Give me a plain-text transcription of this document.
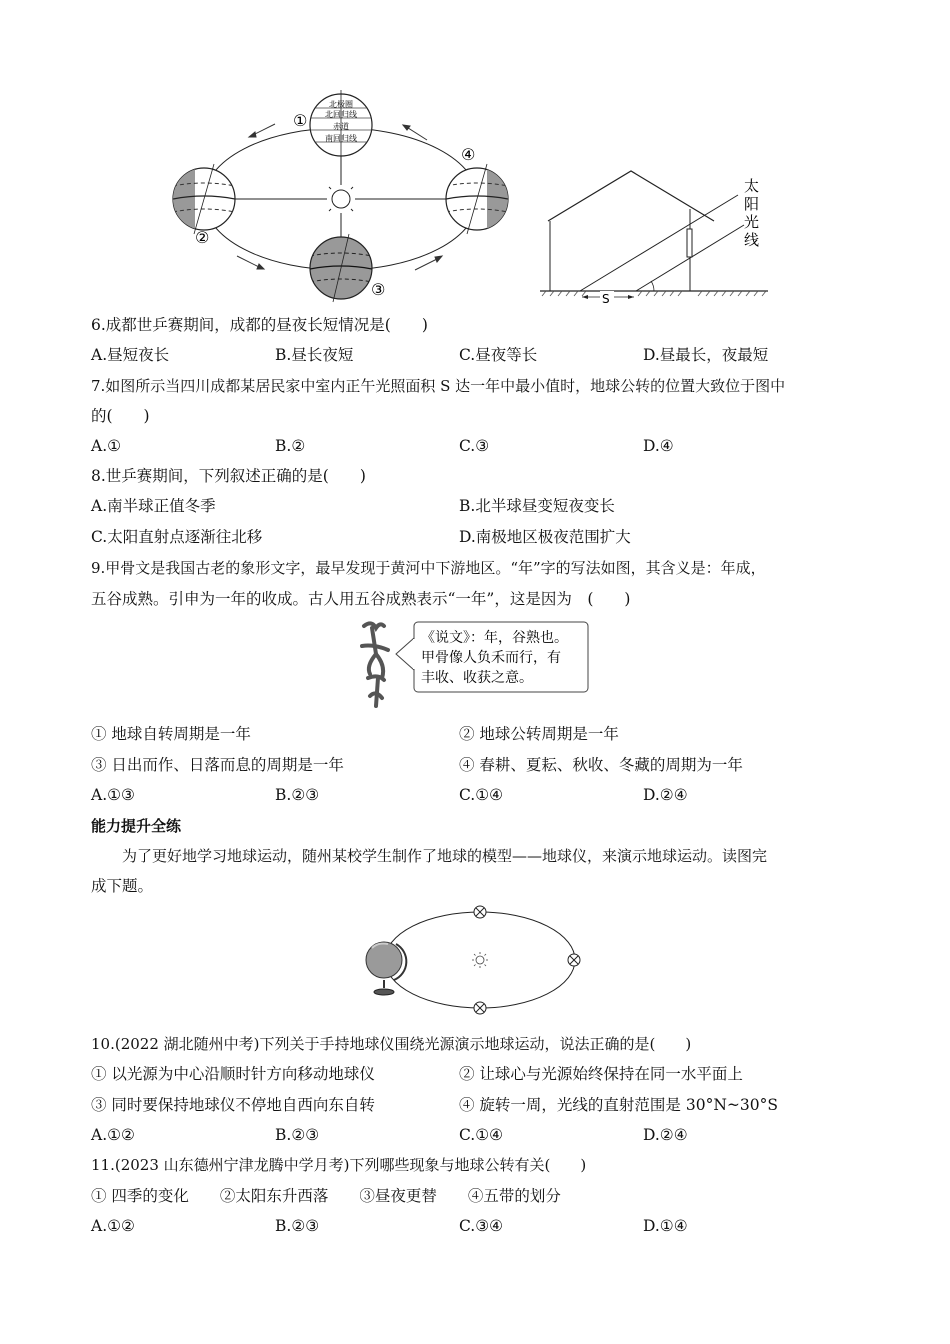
北极圈
北回归线
赤道
南回归线
①
②
③
④
S
太
阳
光
线
6.成都世乒赛期间，成都的昼夜长短情况是(　　)
A.昼短夜长	B.昼长夜短	C.昼夜等长	D.昼最长，夜最短
7.如图所示当四川成都某居民家中室内正午光照面积 S 达一年中最小值时，地球公转的位置大致位于图中
的(　　)
A.①	B.②	C.③	D.④
8.世乒赛期间，下列叙述正确的是(　　)
A.南半球正值冬季	B.北半球昼变短夜变长
C.太阳直射点逐渐往北移	D.南极地区极夜范围扩大
9.甲骨文是我国古老的象形文字，最早发现于黄河中下游地区。“年”字的写法如图，其含义是：年成，
五谷成熟。引申为一年的收成。古人用五谷成熟表示“一年”，这是因为　(　　)
《说文》：年，谷熟也。
甲骨像人负禾而行，有
丰收、收获之意。
① 地球自转周期是一年	② 地球公转周期是一年
③ 日出而作、日落而息的周期是一年	④ 春耕、夏耘、秋收、冬藏的周期为一年
A.①③	B.②③	C.①④	D.②④
能力提升全练
为了更好地学习地球运动，随州某校学生制作了地球的模型——地球仪，来演示地球运动。读图完
成下题。
10.(2022 湖北随州中考)下列关于手持地球仪围绕光源演示地球运动，说法正确的是(　　)
① 以光源为中心沿顺时针方向移动地球仪	② 让球心与光源始终保持在同一水平面上
③ 同时要保持地球仪不停地自西向东自转	④ 旋转一周，光线的直射范围是 30°N~30°S
A.①②	B.②③	C.①④	D.②④
11.(2023 山东德州宁津龙腾中学月考)下列哪些现象与地球公转有关(　　)
① 四季的变化　　②太阳东升西落　　③昼夜更替　　④五带的划分
A.①②	B.②③	C.③④	D.①④
